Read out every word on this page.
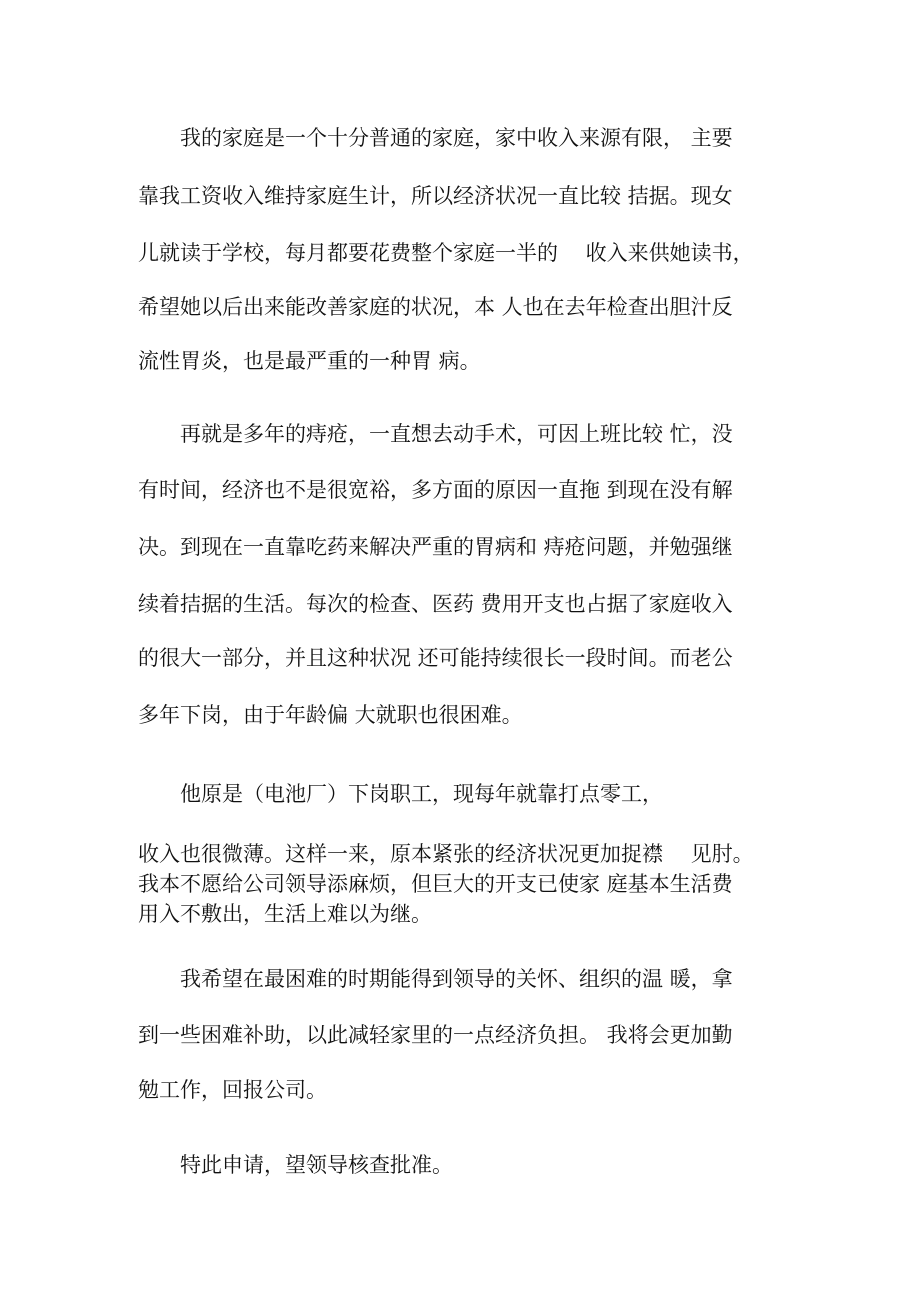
　　我的家庭是一个十分普通的家庭，家中收入来源有限， 主要
靠我工资收入维持家庭生计，所以经济状况一直比较 拮据。现女
儿就读于学校，每月都要花费整个家庭一半的　 收入来供她读书，
希望她以后出来能改善家庭的状况，本 人也在去年检查出胆汁反
流性胃炎，也是最严重的一种胃 病。
　　再就是多年的痔疮，一直想去动手术，可因上班比较 忙，没
有时间，经济也不是很宽裕，多方面的原因一直拖 到现在没有解
决。到现在一直靠吃药来解决严重的胃病和 痔疮问题，并勉强继
续着拮据的生活。每次的检查、医药 费用开支也占据了家庭收入
的很大一部分，并且这种状况 还可能持续很长一段时间。而老公
多年下岗，由于年龄偏 大就职也很困难。
　　他原是（电池厂）下岗职工，现每年就靠打点零工，
收入也很微薄。这样一来，原本紧张的经济状况更加捉襟　 见肘。
我本不愿给公司领导添麻烦，但巨大的开支已使家 庭基本生活费
用入不敷出，生活上难以为继。
　　我希望在最困难的时期能得到领导的关怀、组织的温 暖，拿
到一些困难补助，以此减轻家里的一点经济负担。 我将会更加勤
勉工作，回报公司。
　　特此申请，望领导核查批准。
